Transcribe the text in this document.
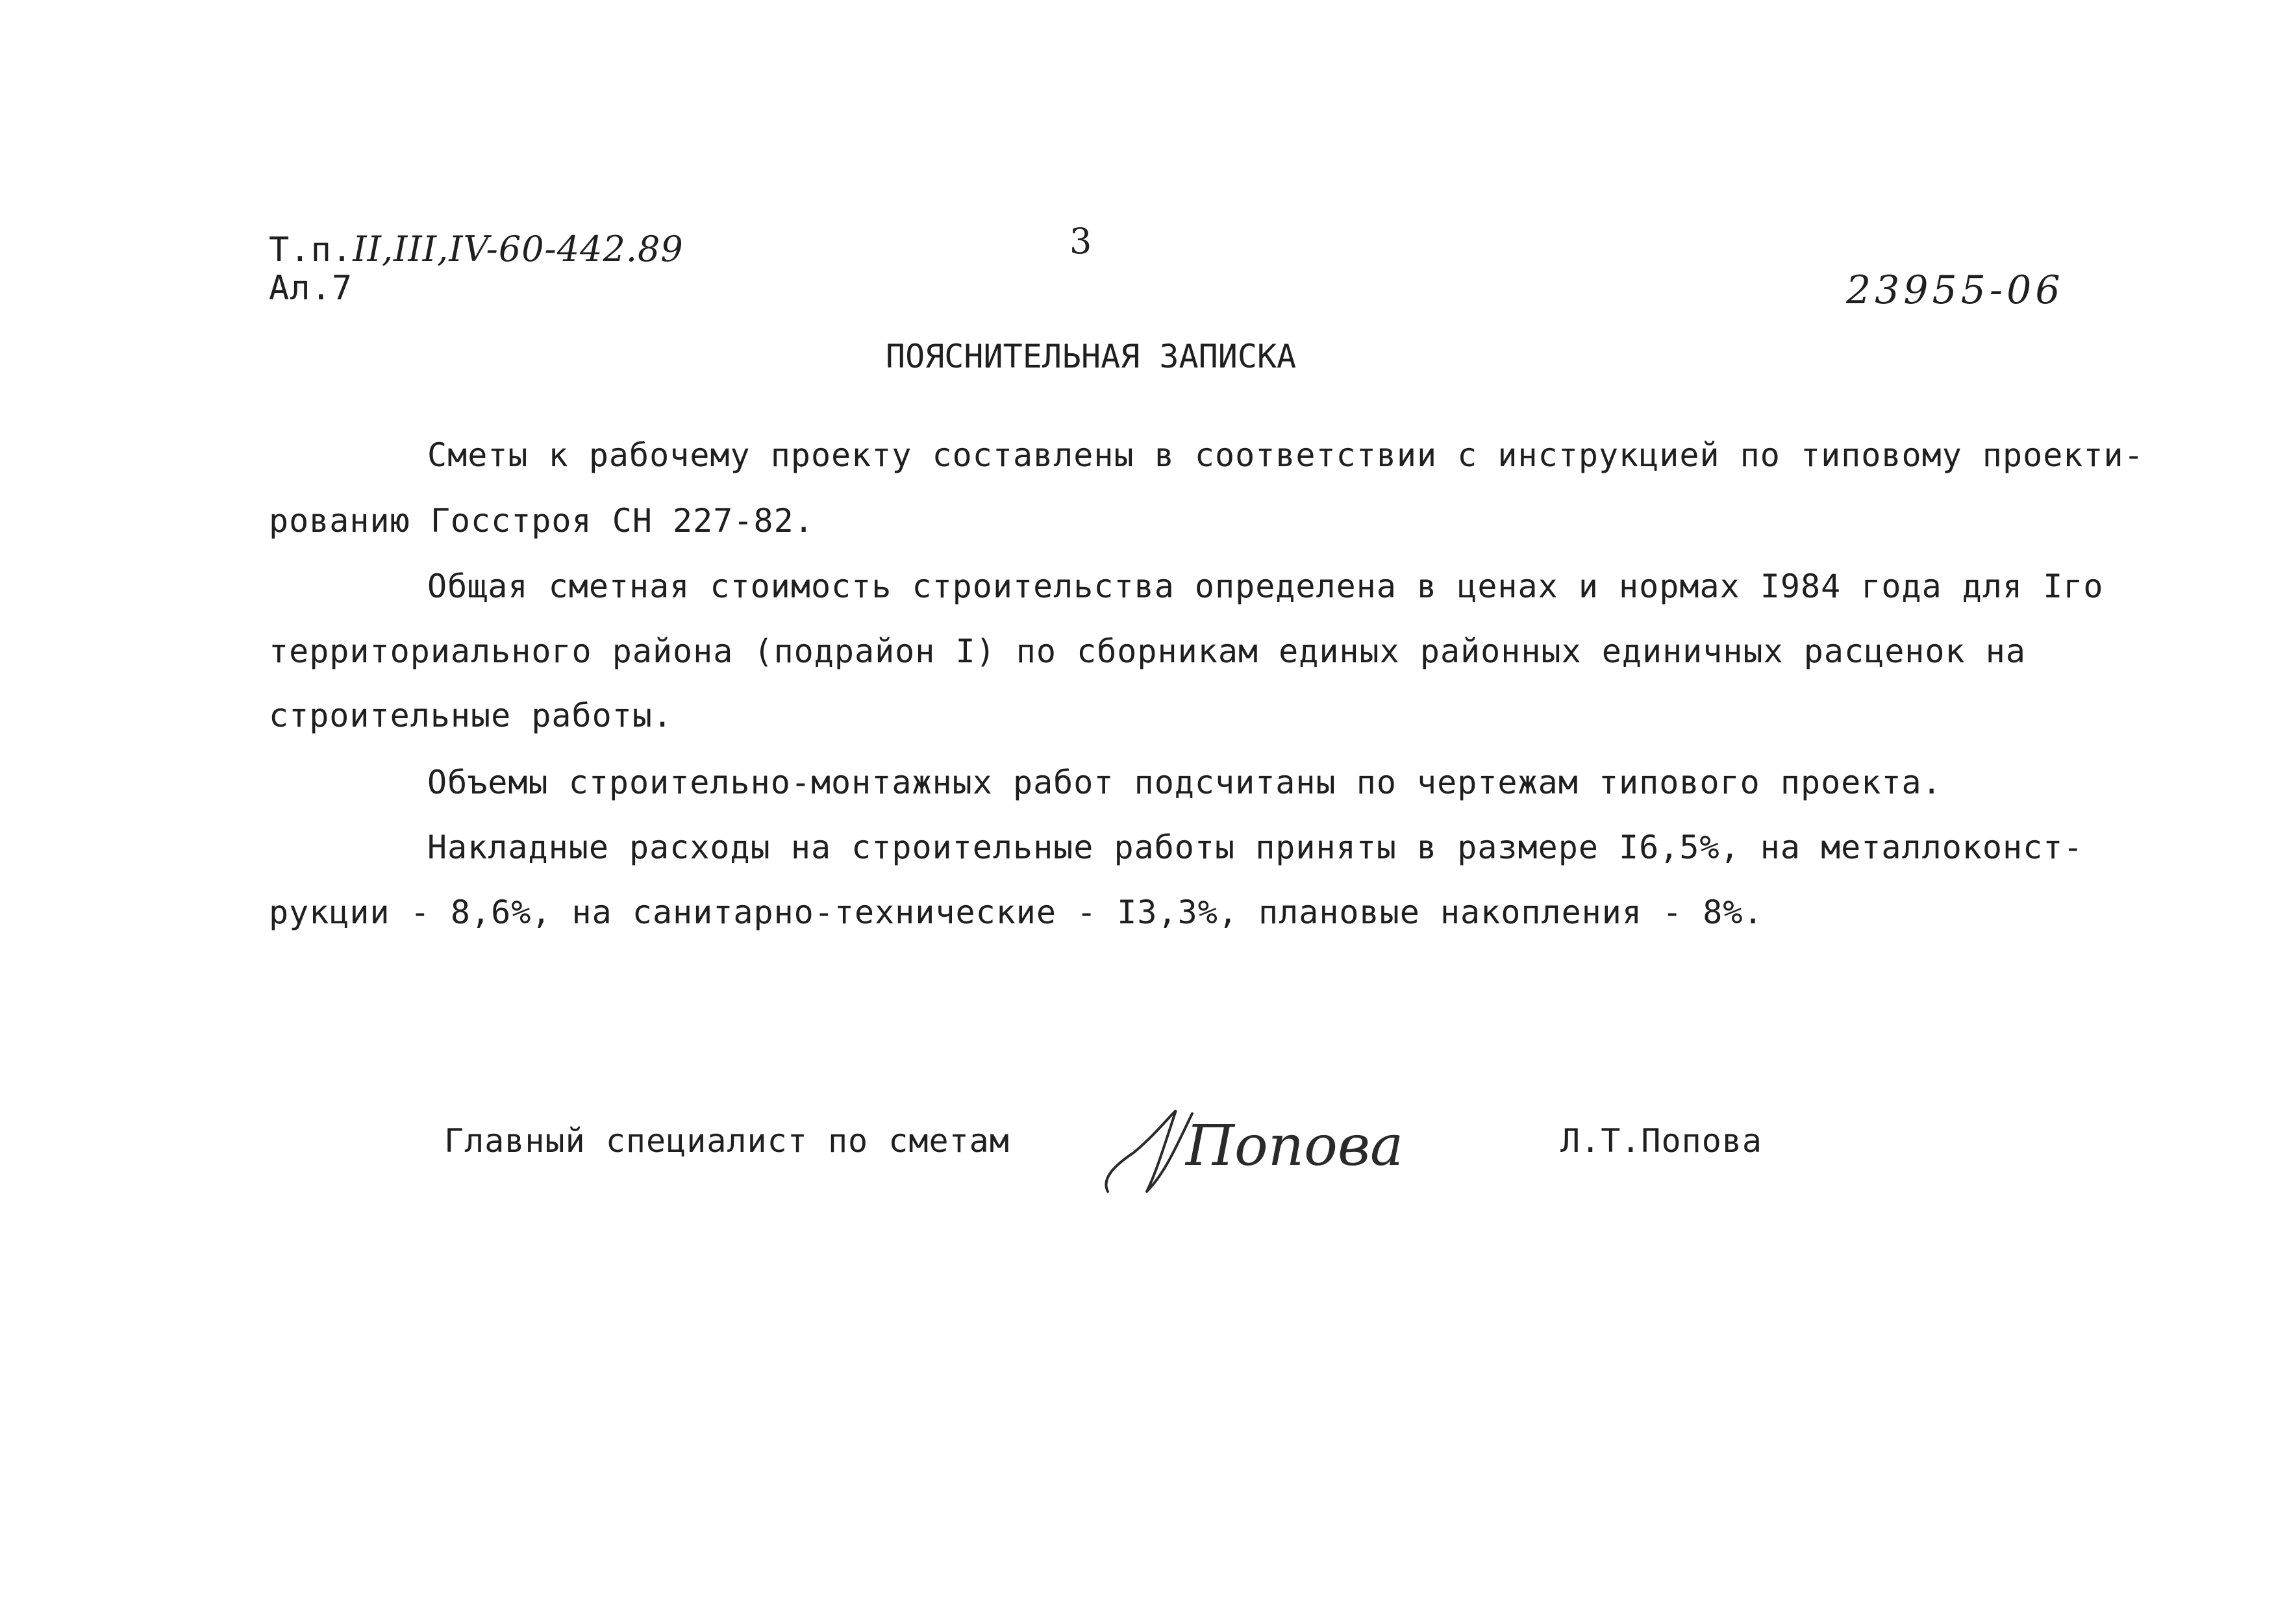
Т.п.II,III,IV-60-442.89
Ал.7
3
23955-06
ПОЯСНИТЕЛЬНАЯ ЗАПИСКА
Сметы к рабочему проекту составлены в соответствии с инструкцией по типовому проекти-
рованию Госстроя СН 227-82.
Общая сметная стоимость строительства определена в ценах и нормах I984 года для Iго
территориального района (подрайон I) по сборникам единых районных единичных расценок на
строительные работы.
Объемы строительно-монтажных работ подсчитаны по чертежам типового проекта.
Накладные расходы на строительные работы приняты в размере I6,5%, на металлоконст-
рукции - 8,6%, на санитарно-технические - I3,3%, плановые накопления - 8%.
Главный специалист по сметам	Попова	Л.Т.Попова
